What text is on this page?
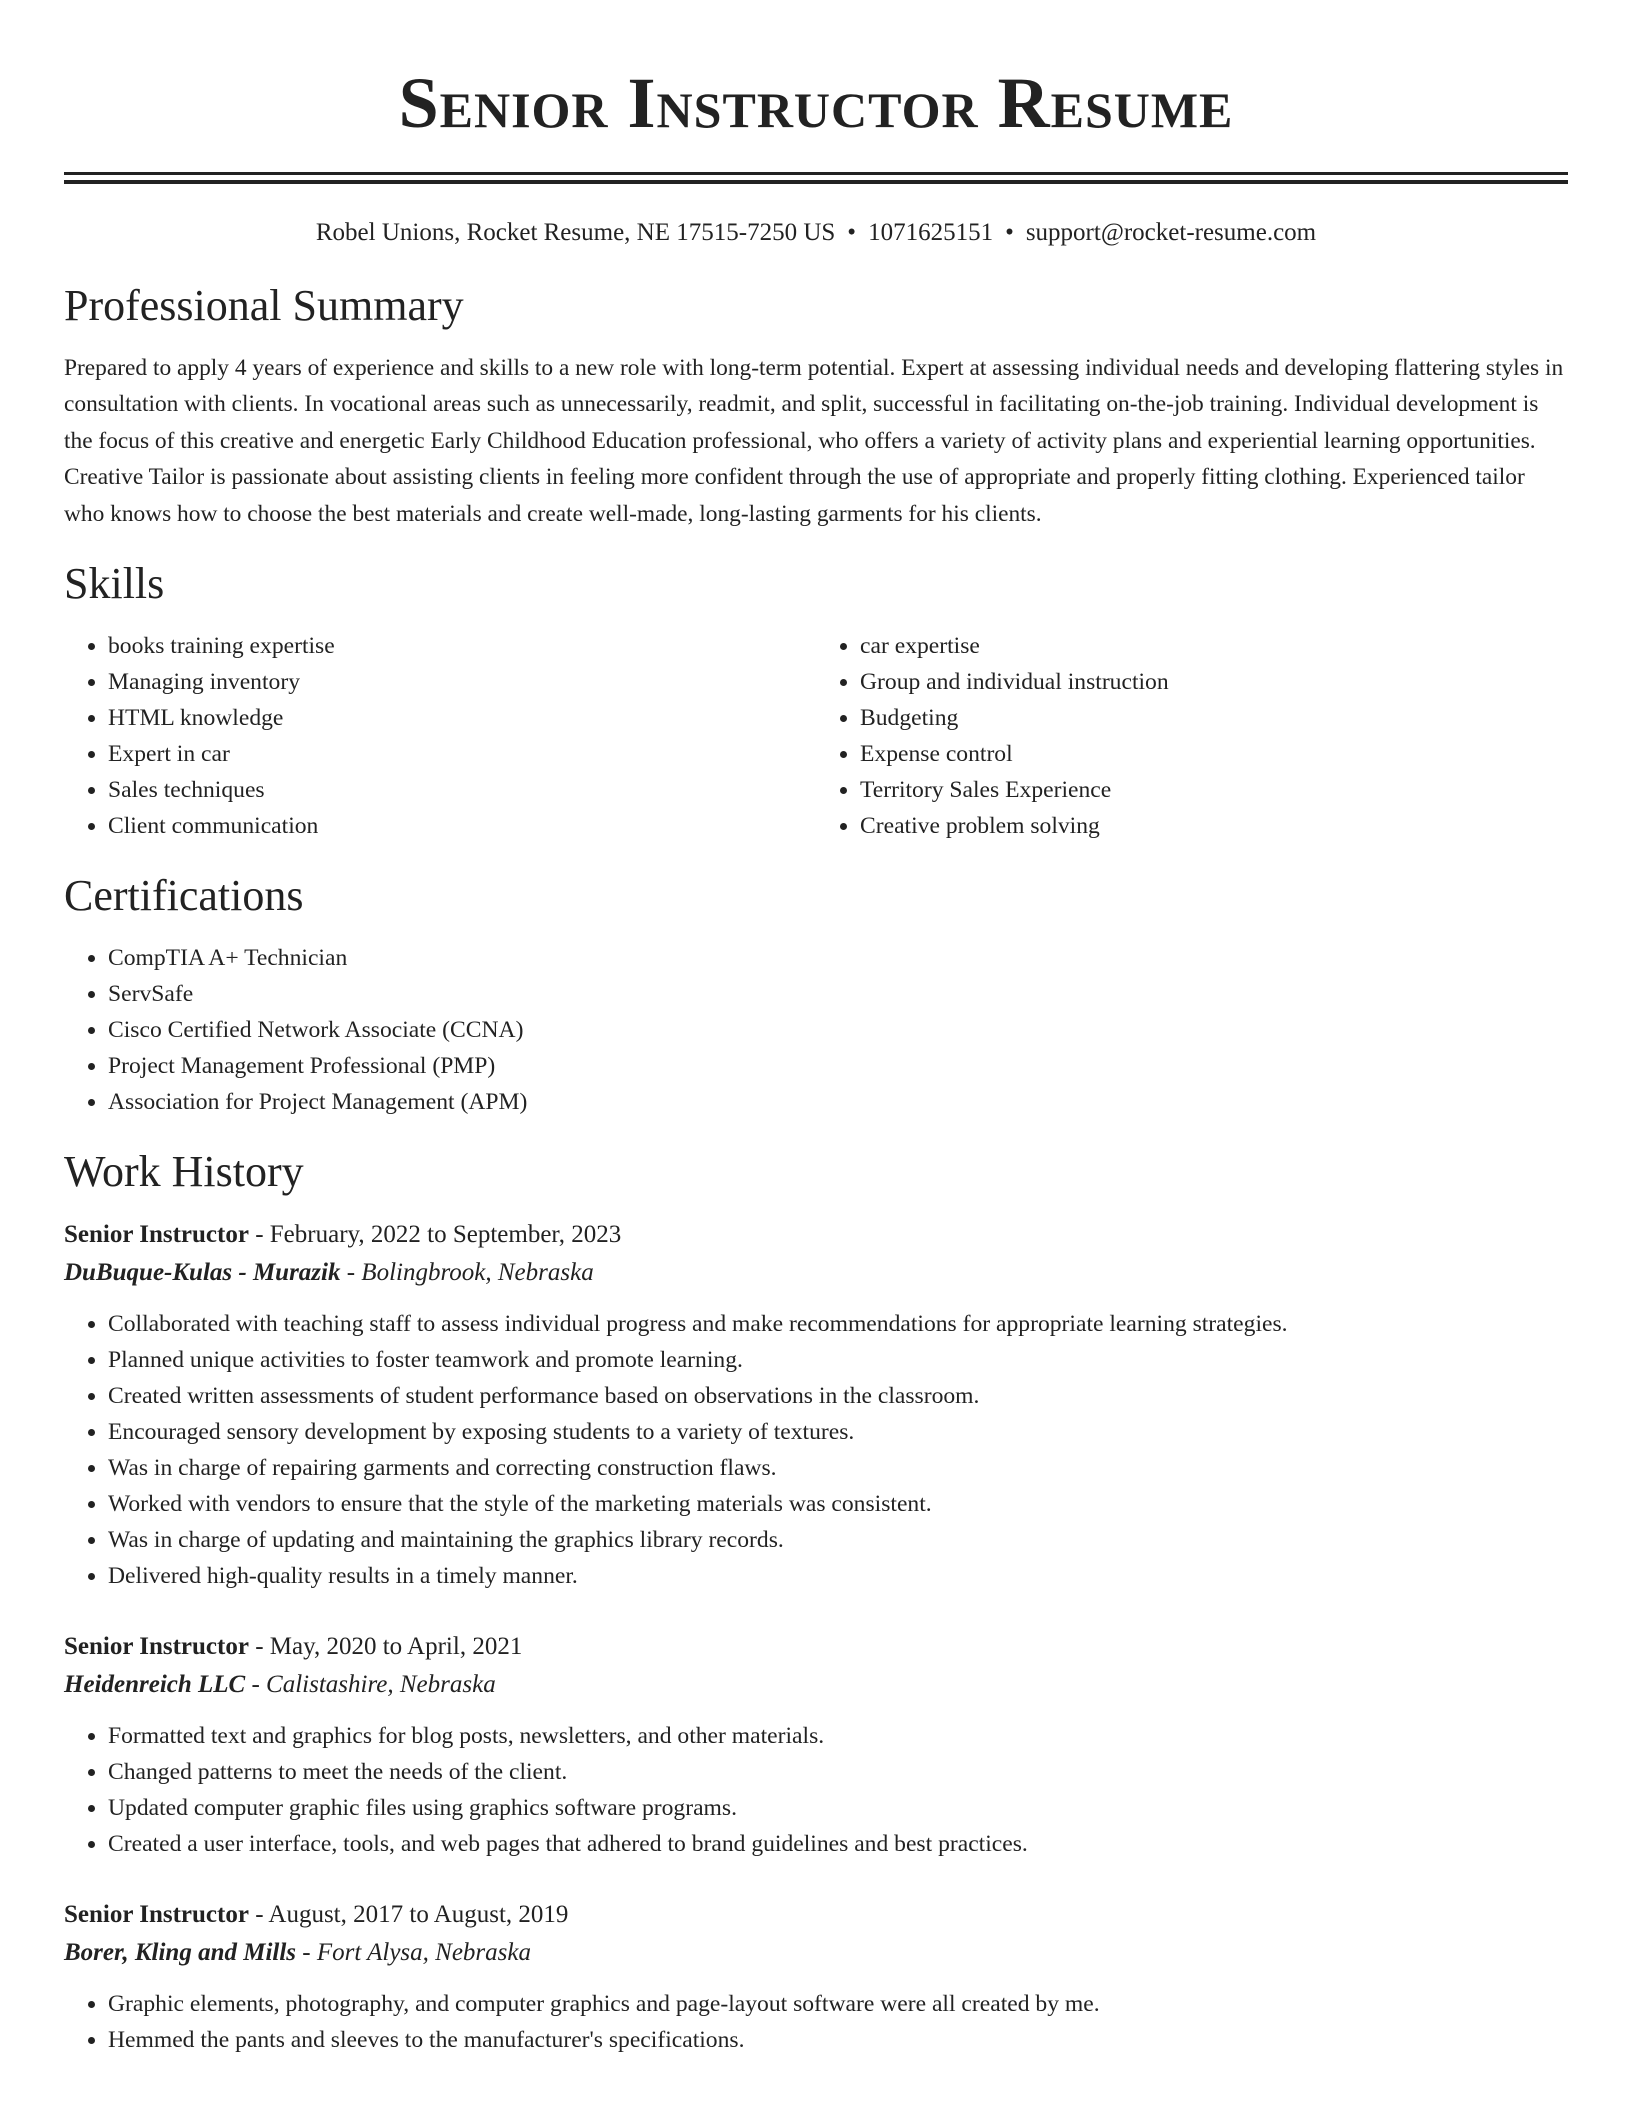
Senior Instructor Resume
Robel Unions, Rocket Resume, NE 17515-7250 US • 1071625151 • support@rocket-resume.com
Professional Summary
Prepared to apply 4 years of experience and skills to a new role with long-term potential. Expert at assessing individual needs and developing flattering styles in consultation with clients. In vocational areas such as unnecessarily, readmit, and split, successful in facilitating on-the-job training. Individual development is the focus of this creative and energetic Early Childhood Education professional, who offers a variety of activity plans and experiential learning opportunities. Creative Tailor is passionate about assisting clients in feeling more confident through the use of appropriate and properly fitting clothing. Experienced tailor who knows how to choose the best materials and create well-made, long-lasting garments for his clients.
Skills
• books training expertise
• Managing inventory
• HTML knowledge
• Expert in car
• Sales techniques
• Client communication
• car expertise
• Group and individual instruction
• Budgeting
• Expense control
• Territory Sales Experience
• Creative problem solving
Certifications
• CompTIA A+ Technician
• ServSafe
• Cisco Certified Network Associate (CCNA)
• Project Management Professional (PMP)
• Association for Project Management (APM)
Work History
Senior Instructor - February, 2022 to September, 2023
DuBuque-Kulas - Murazik - Bolingbrook, Nebraska
• Collaborated with teaching staff to assess individual progress and make recommendations for appropriate learning strategies.
• Planned unique activities to foster teamwork and promote learning.
• Created written assessments of student performance based on observations in the classroom.
• Encouraged sensory development by exposing students to a variety of textures.
• Was in charge of repairing garments and correcting construction flaws.
• Worked with vendors to ensure that the style of the marketing materials was consistent.
• Was in charge of updating and maintaining the graphics library records.
• Delivered high-quality results in a timely manner.
Senior Instructor - May, 2020 to April, 2021
Heidenreich LLC - Calistashire, Nebraska
• Formatted text and graphics for blog posts, newsletters, and other materials.
• Changed patterns to meet the needs of the client.
• Updated computer graphic files using graphics software programs.
• Created a user interface, tools, and web pages that adhered to brand guidelines and best practices.
Senior Instructor - August, 2017 to August, 2019
Borer, Kling and Mills - Fort Alysa, Nebraska
• Graphic elements, photography, and computer graphics and page-layout software were all created by me.
• Hemmed the pants and sleeves to the manufacturer's specifications.
